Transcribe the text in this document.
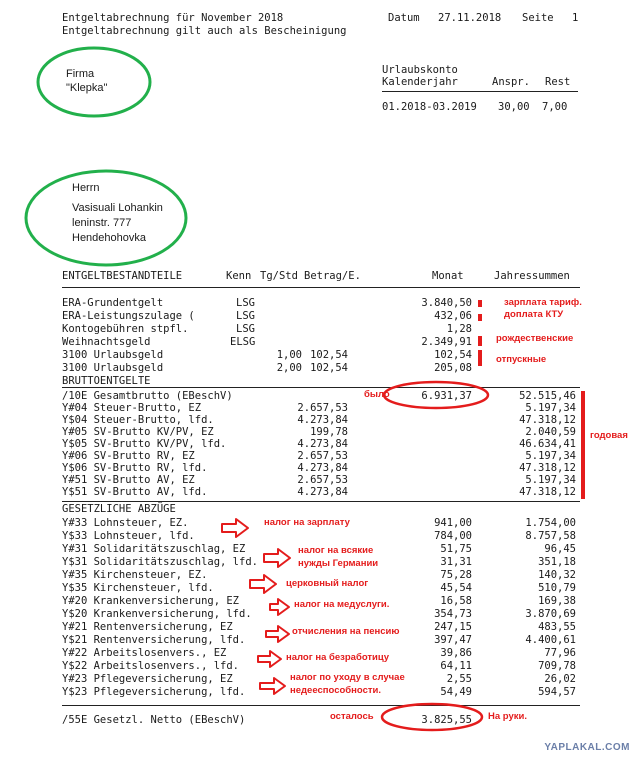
Entgeltabrechnung für November 2018
Entgeltabrechnung gilt auch als Bescheinigung
Datum 27.11.2018 Seite 1
Urlaubskonto
Kalenderjahr	Anspr. Rest
01.2018-03.2019 30,00 7,00
Firma
"Klepka"
Herrn
Vasisuali Lohankin
leninstr. 777
Hendehohovka
ENTGELTBESTANDTEILE	Kenn Tg/Std Betrag/E.	Monat	Jahressummen
ERA-Grundentgelt	LSG	3.840,50
ERA-Leistungszulage (	LSG	432,06
Kontogebühren stpfl.	LSG	1,28
Weihnachtsgeld	ELSG	2.349,91
3100 Urlaubsgeld	1,00 102,54	102,54
3100 Urlaubsgeld	2,00 102,54	205,08
BRUTTOENTGELTE
/10E Gesamtbrutto (EBeschV)	6.931,37	52.515,46
Y#04 Steuer-Brutto, EZ	2.657,53	5.197,34
Y$04 Steuer-Brutto, lfd.	4.273,84	47.318,12
Y#05 SV-Brutto KV/PV, EZ	199,78	2.040,59
Y$05 SV-Brutto KV/PV, lfd.	4.273,84	46.634,41
Y#06 SV-Brutto RV, EZ	2.657,53	5.197,34
Y$06 SV-Brutto RV, lfd.	4.273,84	47.318,12
Y#51 SV-Brutto AV, EZ	2.657,53	5.197,34
Y$51 SV-Brutto AV, lfd.	4.273,84	47.318,12
GESETZLICHE ABZÜGE
Y#33 Lohnsteuer, EZ.	941,00	1.754,00
Y$33 Lohnsteuer, lfd.	784,00	8.757,58
Y#31 Solidaritätszuschlag, EZ	51,75	96,45
Y$31 Solidaritätszuschlag, lfd.	31,31	351,18
Y#35 Kirchensteuer, EZ.	75,28	140,32
Y$35 Kirchensteuer, lfd.	45,54	510,79
Y#20 Krankenversicherung, EZ	16,58	169,38
Y$20 Krankenversicherung, lfd.	354,73	3.870,69
Y#21 Rentenversicherung, EZ	247,15	483,55
Y$21 Rentenversicherung, lfd.	397,47	4.400,61
Y#22 Arbeitslosenvers., EZ	39,86	77,96
Y$22 Arbeitslosenvers., lfd.	64,11	709,78
Y#23 Pflegeversicherung, EZ	2,55	26,02
Y$23 Pflegeversicherung, lfd.	54,49	594,57
/55E Gesetzl. Netto (EBeschV)	3.825,55
зарплата тариф.
доплата КТУ
рождественские
отпускные
было
годовая
налог на зарплату
налог на всякие
нужды Германии
церковный налог
налог на медуслуги.
отчисления на пенсию
налог на безработицу
налог по уходу в случае
недееспособности.
осталось	На руки.
YAPLAKAL.COM
